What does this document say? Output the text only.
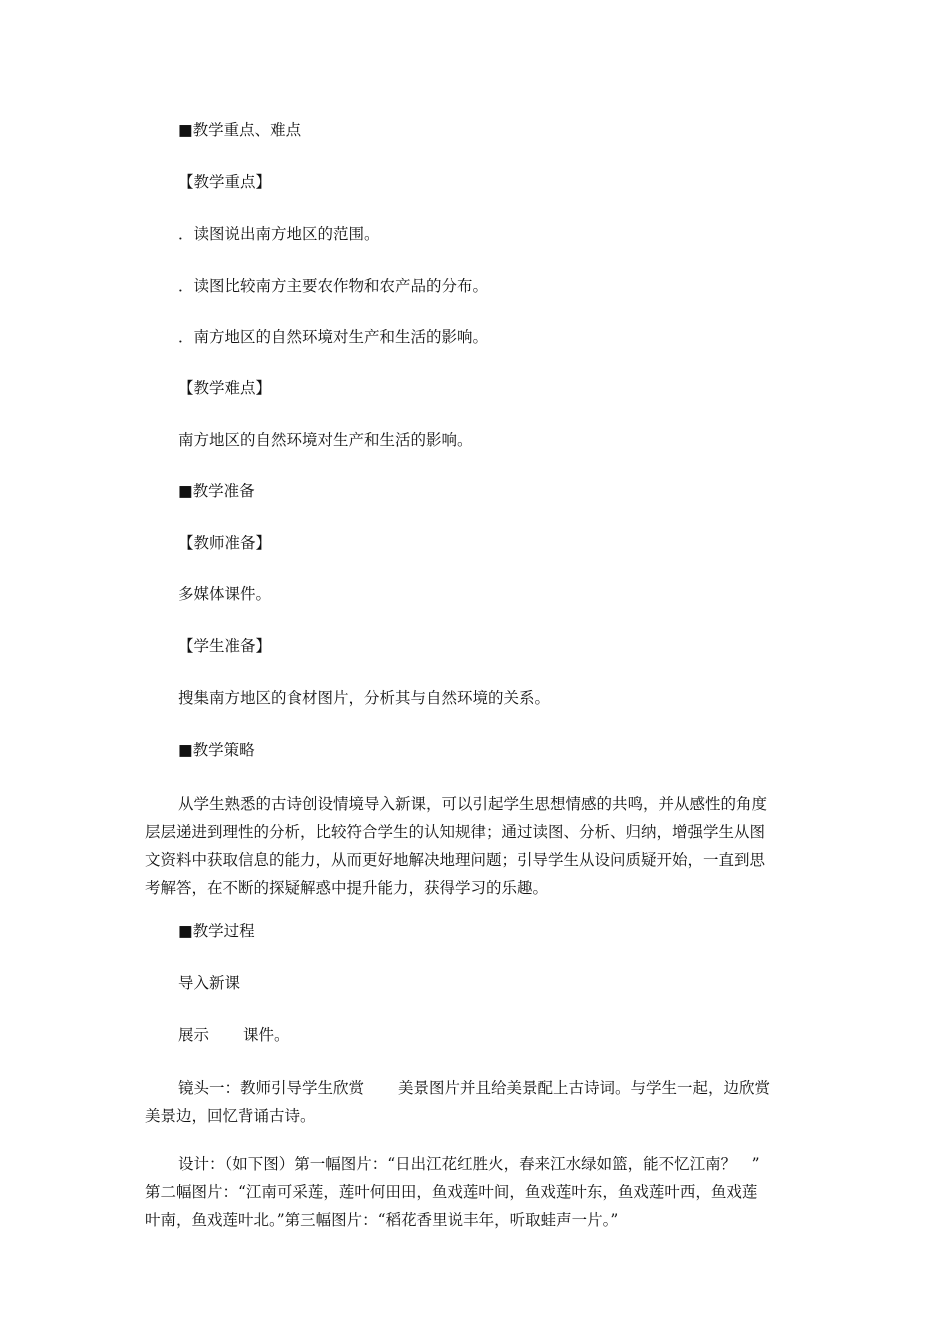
■教学重点、难点
【教学重点】
．读图说出南方地区的范围。
．读图比较南方主要农作物和农产品的分布。
．南方地区的自然环境对生产和生活的影响。
【教学难点】
南方地区的自然环境对生产和生活的影响。
■教学准备
【教师准备】
多媒体课件。
【学生准备】
搜集南方地区的食材图片，分析其与自然环境的关系。
■教学策略

从学生熟悉的古诗创设情境导入新课，可以引起学生思想情感的共鸣，并从感性的角度

层层递进到理性的分析，比较符合学生的认知规律；通过读图、分析、归纳，增强学生从图

文资料中获取信息的能力，从而更好地解决地理问题；引导学生从设问质疑开始，一直到思

考解答，在不断的探疑解惑中提升能力，获得学习的乐趣。

■教学过程
导入新课
展示 课件。

镜头一：教师引导学生欣赏 美景图片并且给美景配上古诗词。与学生一起，边欣赏

美景边，回忆背诵古诗。

设计：（如下图）第一幅图片：“日出江花红胜火，春来江水绿如篮，能不忆江南？　”

第二幅图片：“江南可采莲，莲叶何田田，鱼戏莲叶间，鱼戏莲叶东，鱼戏莲叶西，鱼戏莲

叶南，鱼戏莲叶北。”第三幅图片：“稻花香里说丰年，听取蛙声一片。”
